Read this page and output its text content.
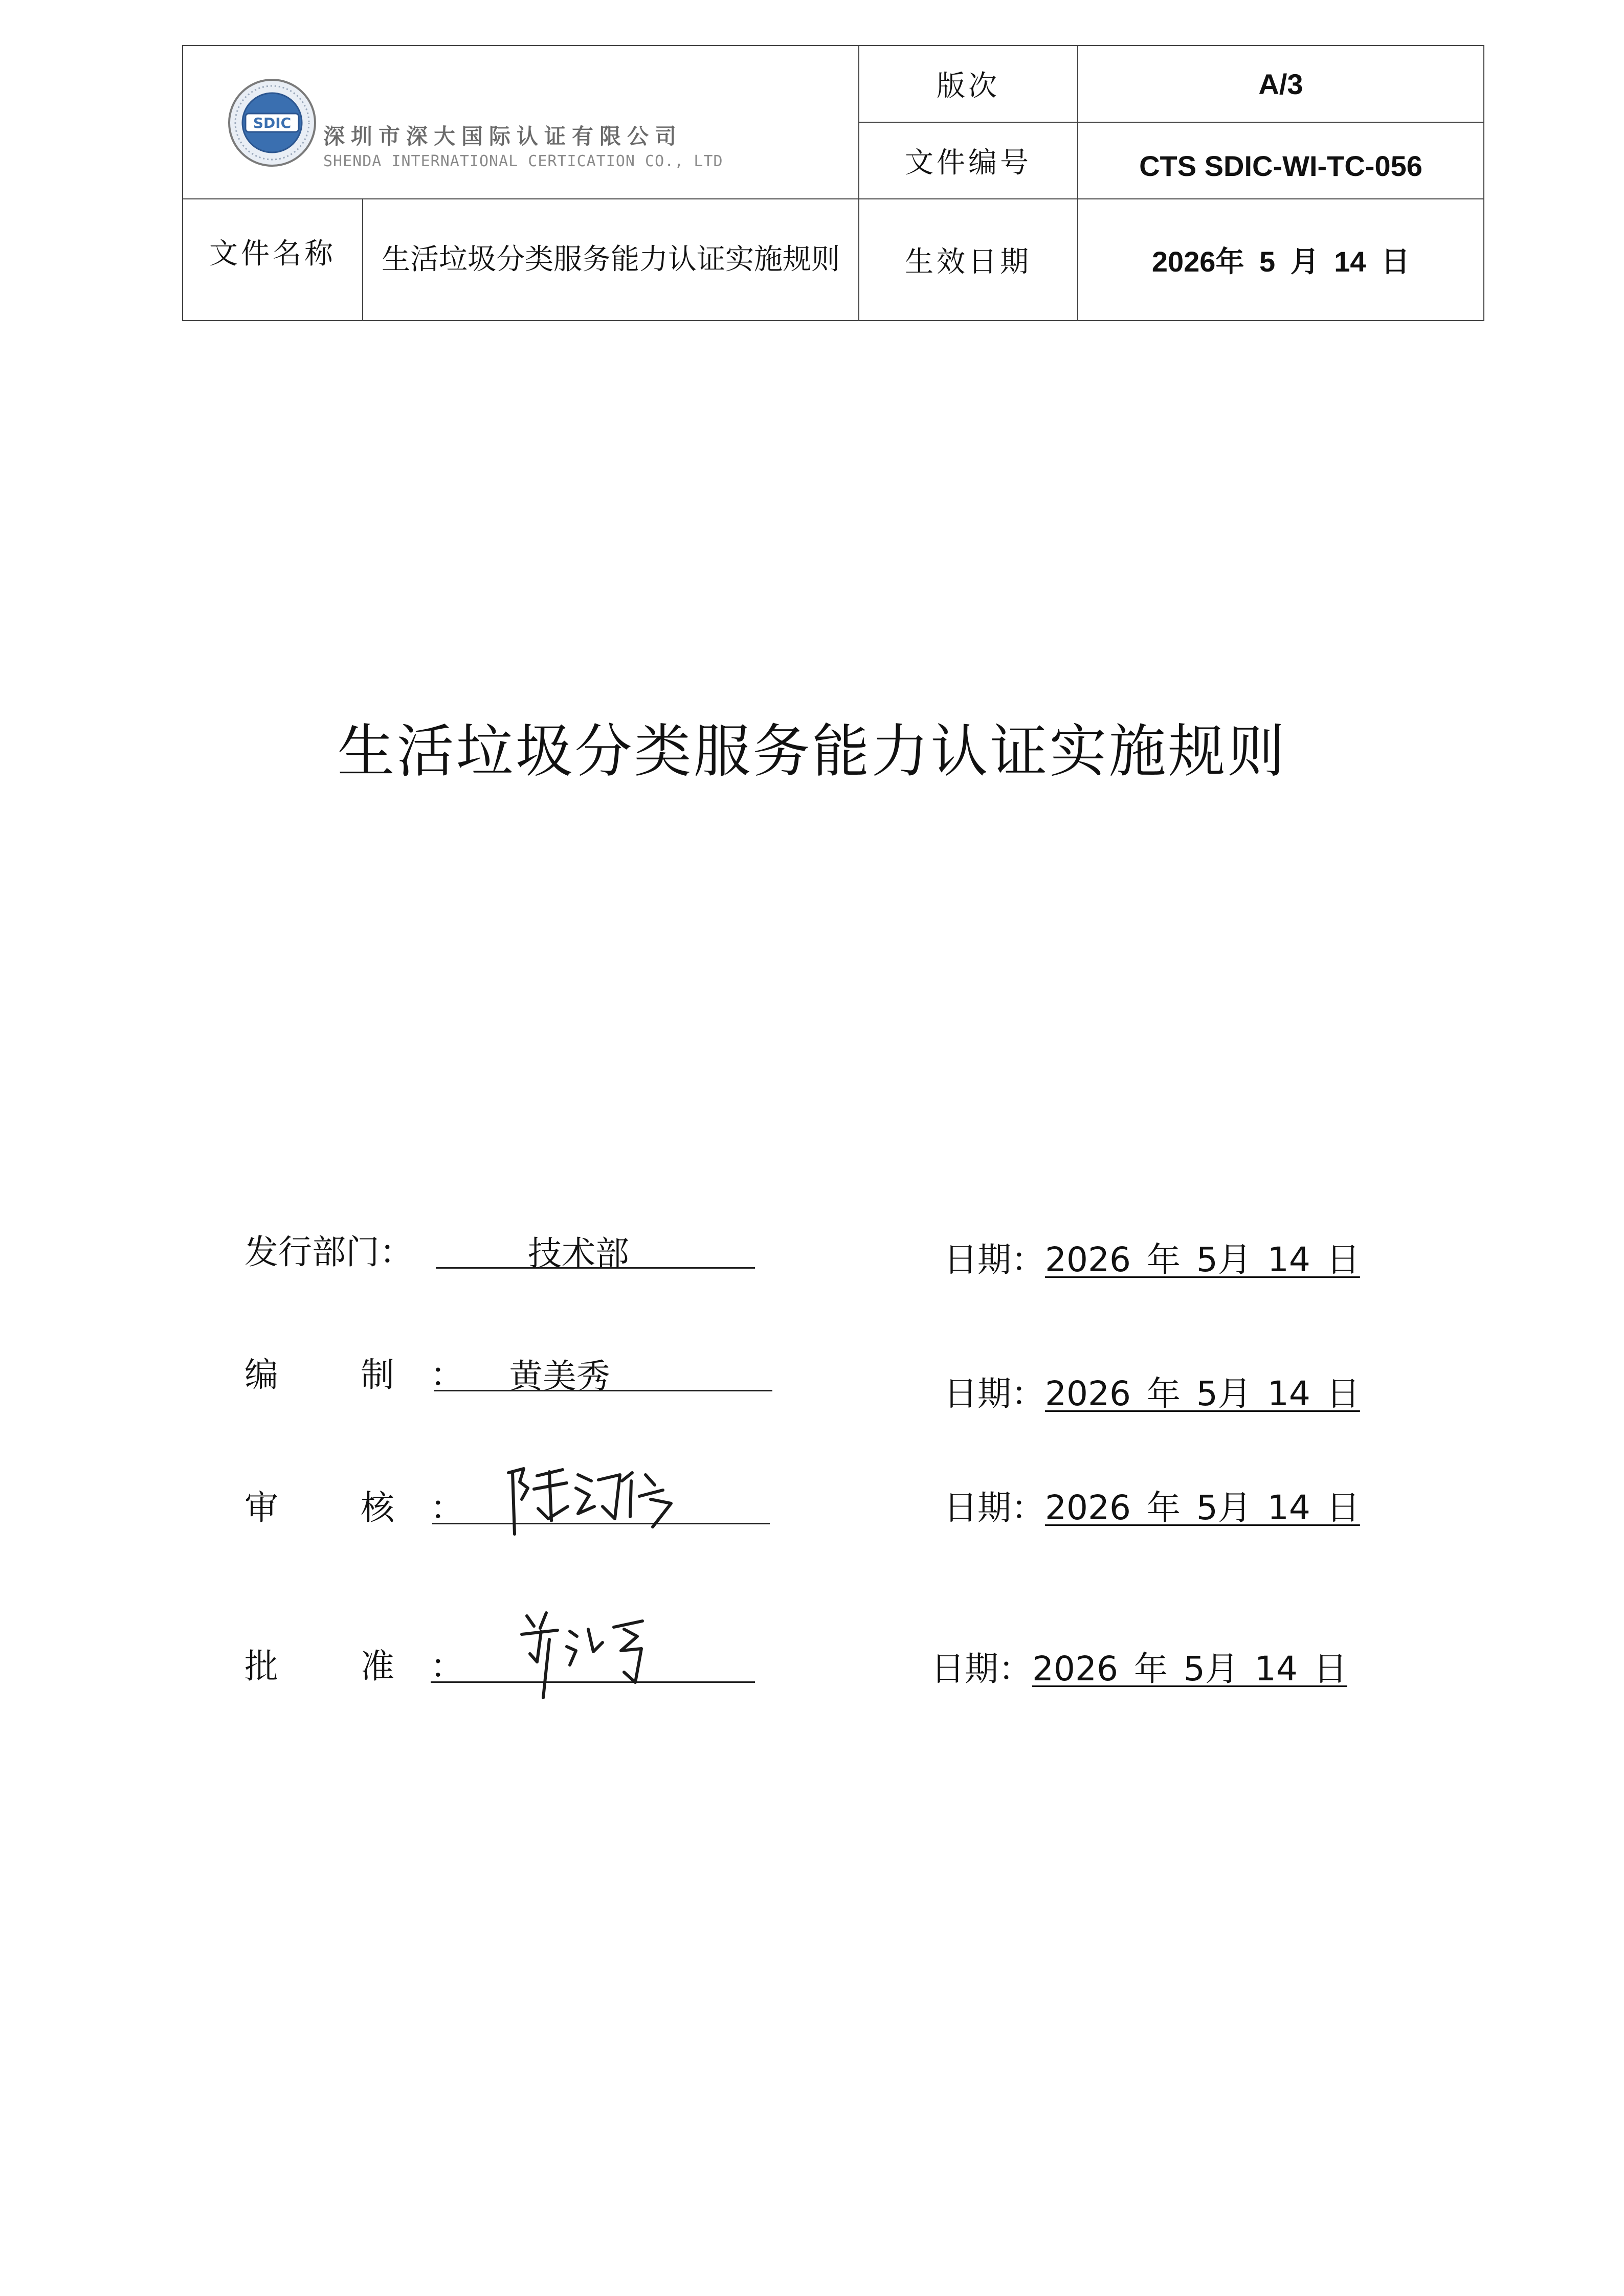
SDIC
深圳市深大国际认证有限公司
SHENDA INTERNATIONAL CERTICATION CO., LTD		版次	A/3
		文件编号	CTS SDIC-WI-TC-056
文件名称	生活垃圾分类服务能力认证实施规则	生效日期	2026年 5 月 14 日
生活垃圾分类服务能力认证实施规则
发行部门：	技术部	日期：2026 年 5月 14 日
编 制： 黄美秀	日期：2026 年 5月 14 日
审 核：	日期：2026 年 5月 14 日
批 准：	日期：2026 年 5月 14 日
